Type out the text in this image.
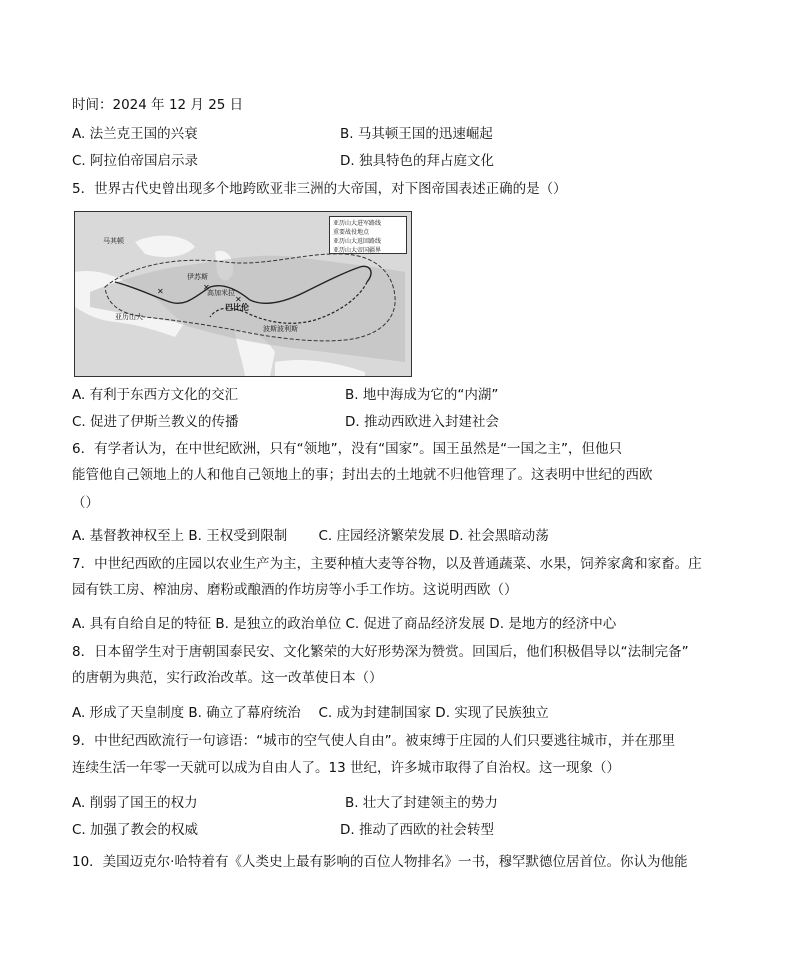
时间：2024 年 12 月 25 日
A. 法兰克王国的兴衰	B. 马其顿王国的迅速崛起
C. 阿拉伯帝国启示录	D. 独具特色的拜占庭文化
5．世界古代史曾出现多个地跨欧亚非三洲的大帝国，对下图帝国表述正确的是（）
✕	✕
✕
亚历山大进军路线
重要战役地点
亚历山大返回路线
亚历山大帝国疆界
马其顿
伊苏斯
高加米拉
巴比伦
亚历山大
波斯波利斯
A. 有利于东西方文化的交汇	B. 地中海成为它的“内湖”
C. 促进了伊斯兰教义的传播	D. 推动西欧进入封建社会
6．有学者认为，在中世纪欧洲，只有“领地”，没有“国家”。国王虽然是“一国之主”，但他只
能管他自己领地上的人和他自己领地上的事；封出去的土地就不归他管理了。这表明中世纪的西欧
（）
A. 基督教神权至上 B. 王权受到限制 　　C. 庄园经济繁荣发展 D. 社会黑暗动荡
7．中世纪西欧的庄园以农业生产为主，主要种植大麦等谷物，以及普通蔬菜、水果，饲养家禽和家畜。庄
园有铁工房、榨油房、磨粉或酿酒的作坊房等小手工作坊。这说明西欧（）
A. 具有自给自足的特征 B. 是独立的政治单位 C. 促进了商品经济发展 D. 是地方的经济中心
8．日本留学生对于唐朝国泰民安、文化繁荣的大好形势深为赞赏。回国后，他们积极倡导以“法制完备”
的唐朝为典范，实行政治改革。这一改革使日本（）
A. 形成了天皇制度 B. 确立了幕府统治 　C. 成为封建制国家 D. 实现了民族独立
9．中世纪西欧流行一句谚语：“城市的空气使人自由”。被束缚于庄园的人们只要逃往城市，并在那里
连续生活一年零一天就可以成为自由人了。13 世纪，许多城市取得了自治权。这一现象（）
A. 削弱了国王的权力	B. 壮大了封建领主的势力
C. 加强了教会的权威	D. 推动了西欧的社会转型
10．美国迈克尔·哈特着有《人类史上最有影响的百位人物排名》一书，穆罕默德位居首位。你认为他能
